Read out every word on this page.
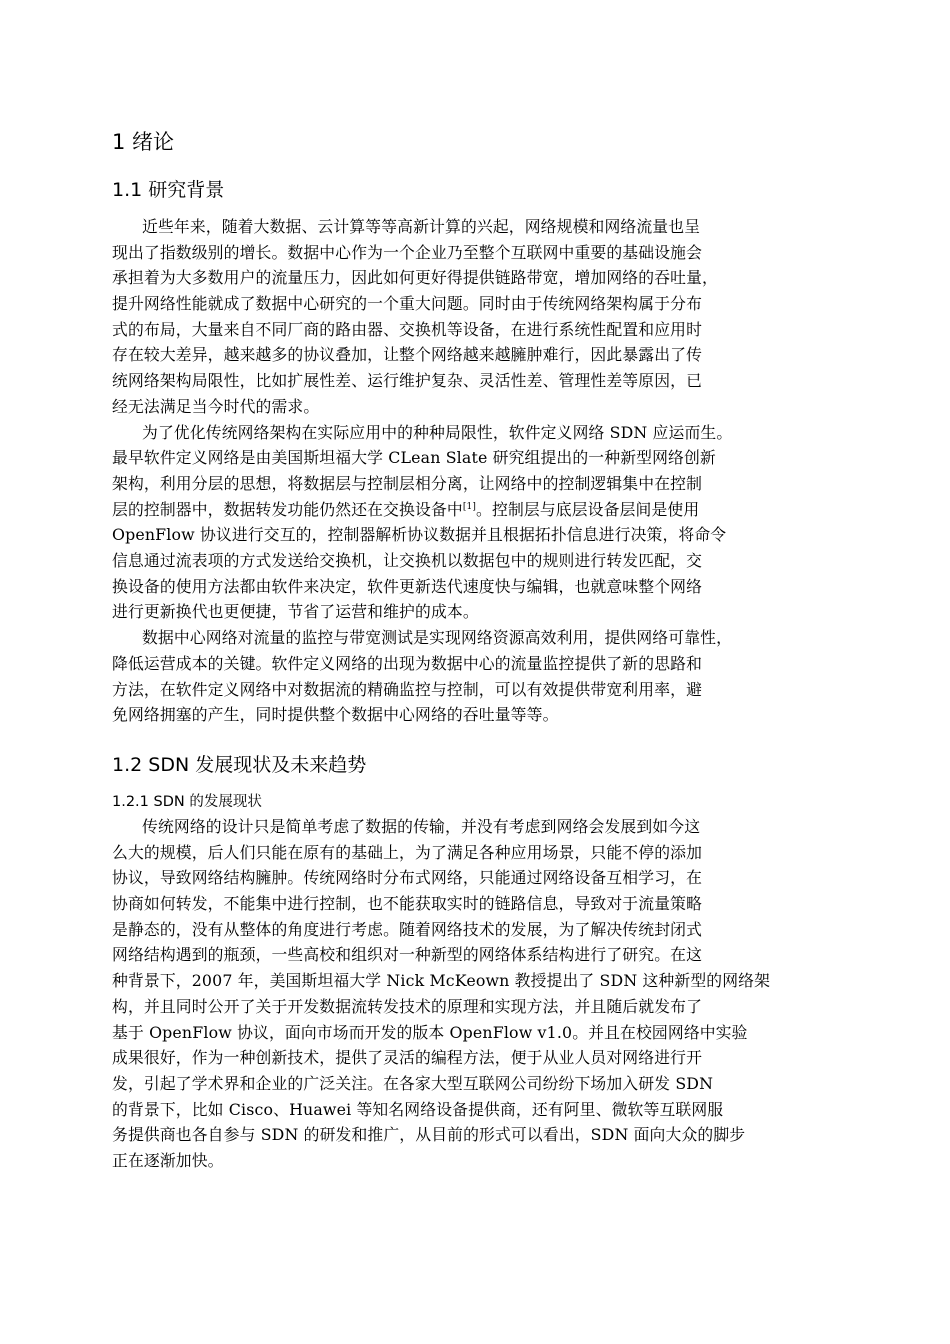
1 绪论
1.1 研究背景
近些年来，随着大数据、云计算等等高新计算的兴起，网络规模和网络流量也呈
现出了指数级别的增长。数据中心作为一个企业乃至整个互联网中重要的基础设施会
承担着为大多数用户的流量压力，因此如何更好得提供链路带宽，增加网络的吞吐量，
提升网络性能就成了数据中心研究的一个重大问题。同时由于传统网络架构属于分布
式的布局，大量来自不同厂商的路由器、交换机等设备，在进行系统性配置和应用时
存在较大差异，越来越多的协议叠加，让整个网络越来越臃肿难行，因此暴露出了传
统网络架构局限性，比如扩展性差、运行维护复杂、灵活性差、管理性差等原因，已
经无法满足当今时代的需求。
为了优化传统网络架构在实际应用中的种种局限性，软件定义网络 SDN 应运而生。
最早软件定义网络是由美国斯坦福大学 CLean Slate 研究组提出的一种新型网络创新
架构，利用分层的思想，将数据层与控制层相分离，让网络中的控制逻辑集中在控制
层的控制器中，数据转发功能仍然还在交换设备中[1]。控制层与底层设备层间是使用
OpenFlow 协议进行交互的，控制器解析协议数据并且根据拓扑信息进行决策，将命令
信息通过流表项的方式发送给交换机，让交换机以数据包中的规则进行转发匹配，交
换设备的使用方法都由软件来决定，软件更新迭代速度快与编辑，也就意味整个网络
进行更新换代也更便捷，节省了运营和维护的成本。
数据中心网络对流量的监控与带宽测试是实现网络资源高效利用，提供网络可靠性，
降低运营成本的关键。软件定义网络的出现为数据中心的流量监控提供了新的思路和
方法，在软件定义网络中对数据流的精确监控与控制，可以有效提供带宽利用率，避
免网络拥塞的产生，同时提供整个数据中心网络的吞吐量等等。
1.2 SDN 发展现状及未来趋势
1.2.1 SDN 的发展现状
传统网络的设计只是简单考虑了数据的传输，并没有考虑到网络会发展到如今这
么大的规模，后人们只能在原有的基础上，为了满足各种应用场景，只能不停的添加
协议，导致网络结构臃肿。传统网络时分布式网络，只能通过网络设备互相学习，在
协商如何转发，不能集中进行控制，也不能获取实时的链路信息，导致对于流量策略
是静态的，没有从整体的角度进行考虑。随着网络技术的发展，为了解决传统封闭式
网络结构遇到的瓶颈，一些高校和组织对一种新型的网络体系结构进行了研究。在这
种背景下，2007 年，美国斯坦福大学 Nick McKeown 教授提出了 SDN 这种新型的网络架
构，并且同时公开了关于开发数据流转发技术的原理和实现方法，并且随后就发布了
基于 OpenFlow 协议，面向市场而开发的版本 OpenFlow v1.0。并且在校园网络中实验
成果很好，作为一种创新技术，提供了灵活的编程方法，便于从业人员对网络进行开
发，引起了学术界和企业的广泛关注。在各家大型互联网公司纷纷下场加入研发 SDN
的背景下，比如 Cisco、Huawei 等知名网络设备提供商，还有阿里、微软等互联网服
务提供商也各自参与 SDN 的研发和推广，从目前的形式可以看出，SDN 面向大众的脚步
正在逐渐加快。
